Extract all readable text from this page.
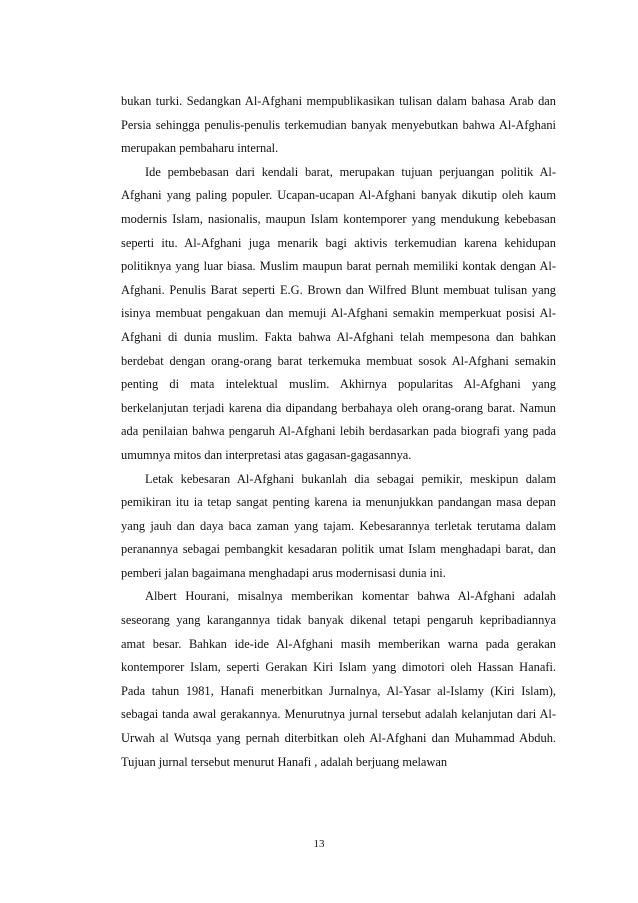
bukan turki. Sedangkan Al-Afghani mempublikasikan tulisan dalam bahasa Arab dan Persia sehingga penulis-penulis terkemudian banyak menyebutkan bahwa Al-Afghani merupakan pembaharu internal.

Ide pembebasan dari kendali barat, merupakan tujuan perjuangan politik Al-Afghani yang paling populer. Ucapan-ucapan Al-Afghani banyak dikutip oleh kaum modernis Islam, nasionalis, maupun Islam kontemporer yang mendukung kebebasan seperti itu. Al-Afghani juga menarik bagi aktivis terkemudian karena kehidupan politiknya yang luar biasa. Muslim maupun barat pernah memiliki kontak dengan Al-Afghani. Penulis Barat seperti E.G. Brown dan Wilfred Blunt membuat tulisan yang isinya membuat pengakuan dan memuji Al-Afghani semakin memperkuat posisi Al-Afghani di dunia muslim. Fakta bahwa Al-Afghani telah mempesona dan bahkan berdebat dengan orang-orang barat terkemuka membuat sosok Al-Afghani semakin penting di mata intelektual muslim. Akhirnya popularitas Al-Afghani yang berkelanjutan terjadi karena dia dipandang berbahaya oleh orang-orang barat. Namun ada penilaian bahwa pengaruh Al-Afghani lebih berdasarkan pada biografi yang pada umumnya mitos dan interpretasi atas gagasan-gagasannya.

Letak kebesaran Al-Afghani bukanlah dia sebagai pemikir, meskipun dalam pemikiran itu ia tetap sangat penting karena ia menunjukkan pandangan masa depan yang jauh dan daya baca zaman yang tajam. Kebesarannya terletak terutama dalam peranannya sebagai pembangkit kesadaran politik umat Islam menghadapi barat, dan pemberi jalan bagaimana menghadapi arus modernisasi dunia ini.

Albert Hourani, misalnya memberikan komentar bahwa Al-Afghani adalah seseorang yang karangannya tidak banyak dikenal tetapi pengaruh kepribadiannya amat besar. Bahkan ide-ide Al-Afghani masih memberikan warna pada gerakan kontemporer Islam, seperti Gerakan Kiri Islam yang dimotori oleh Hassan Hanafi. Pada tahun 1981, Hanafi menerbitkan Jurnalnya, Al-Yasar al-Islamy (Kiri Islam), sebagai tanda awal gerakannya. Menurutnya jurnal tersebut adalah kelanjutan dari Al-Urwah al Wutsqa yang pernah diterbitkan oleh Al-Afghani dan Muhammad Abduh. Tujuan jurnal tersebut menurut Hanafi , adalah berjuang melawan

13
